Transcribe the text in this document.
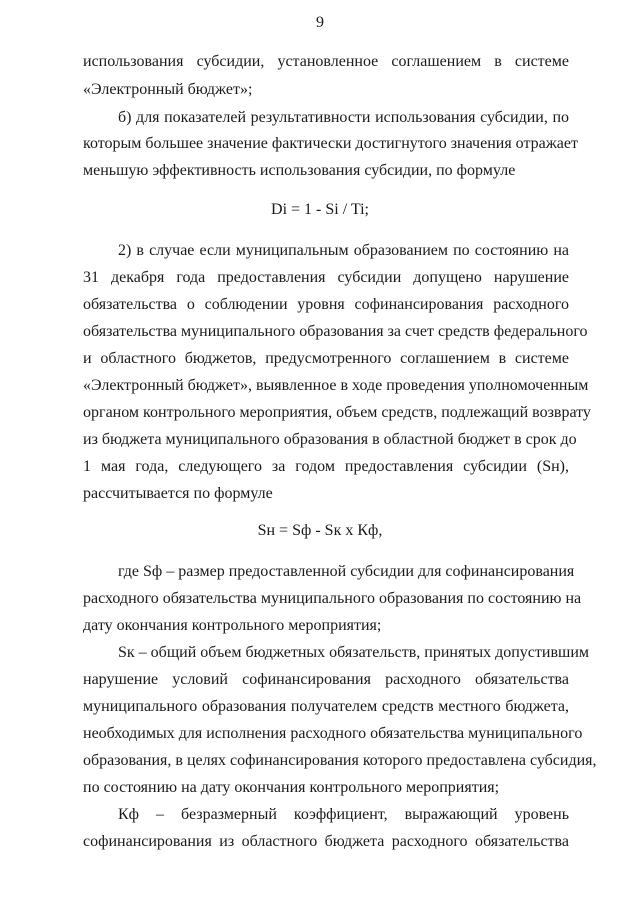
9
использования субсидии, установленное соглашением в системе
«Электронный бюджет»;
б) для показателей результативности использования субсидии, по
которым большее значение фактически достигнутого значения отражает
меньшую эффективность использования субсидии, по формуле
Di = 1 - Si / Ti;
2) в случае если муниципальным образованием по состоянию на
31 декабря года предоставления субсидии допущено нарушение
обязательства о соблюдении уровня софинансирования расходного
обязательства муниципального образования за счет средств федерального
и областного бюджетов, предусмотренного соглашением в системе
«Электронный бюджет», выявленное в ходе проведения уполномоченным
органом контрольного мероприятия, объем средств, подлежащий возврату
из бюджета муниципального образования в областной бюджет в срок до
1 мая года, следующего за годом предоставления субсидии (Sн),
рассчитывается по формуле
Sн = Sф - Sк x Кф,
где Sф – размер предоставленной субсидии для софинансирования
расходного обязательства муниципального образования по состоянию на
дату окончания контрольного мероприятия;
Sк – общий объем бюджетных обязательств, принятых допустившим
нарушение условий софинансирования расходного обязательства
муниципального образования получателем средств местного бюджета,
необходимых для исполнения расходного обязательства муниципального
образования, в целях софинансирования которого предоставлена субсидия,
по состоянию на дату окончания контрольного мероприятия;
Кф – безразмерный коэффициент, выражающий уровень
софинансирования из областного бюджета расходного обязательства
